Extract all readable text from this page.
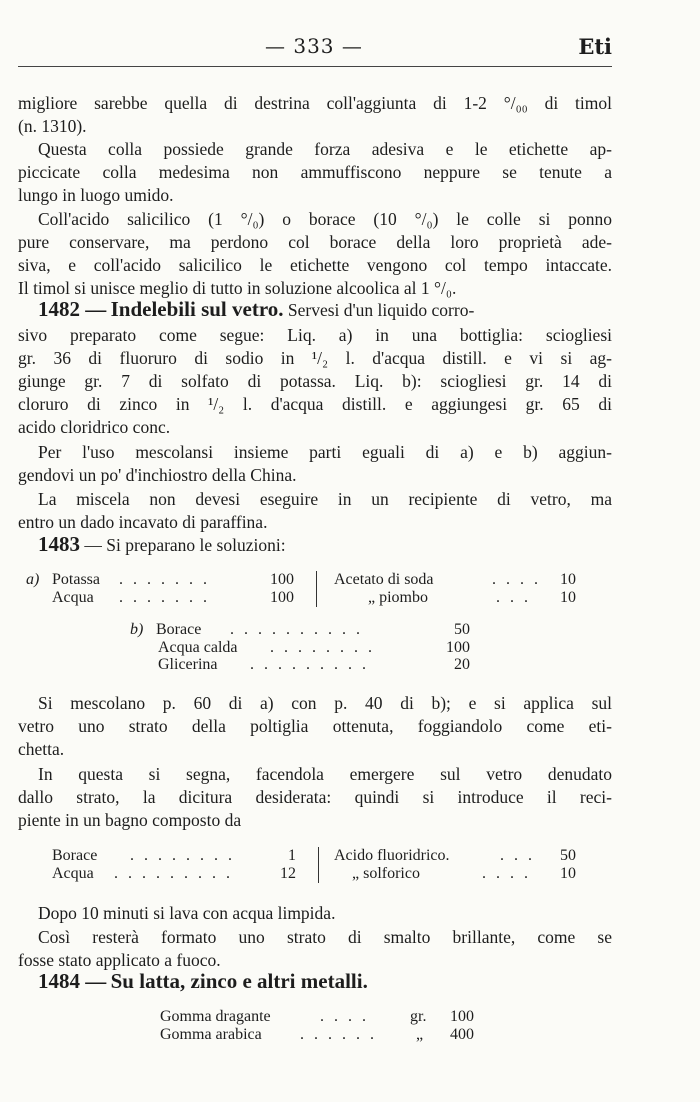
— 333 —	Eti
migliore sarebbe quella di destrina coll'aggiunta di 1-2 °/₀₀ di timol
(n. 1310).
Questa colla possiede grande forza adesiva e le etichette ap-
piccicate colla medesima non ammuffiscono neppure se tenute a
lungo in luogo umido.
Coll'acido salicilico (1 °/₀) o borace (10 °/₀) le colle si ponno
pure conservare, ma perdono col borace della loro proprietà ade-
siva, e coll'acido salicilico le etichette vengono col tempo intaccate.
Il timol si unisce meglio di tutto in soluzione alcoolica al 1 °/₀.
1482 — Indelebili sul vetro. Servesi d'un liquido corro-
sivo preparato come segue: Liq. a) in una bottiglia: sciogliesi
gr. 36 di fluoruro di sodio in ¹/₂ l. d'acqua distill. e vi si ag-
giunge gr. 7 di solfato di potassa. Liq. b): sciogliesi gr. 14 di
cloruro di zinco in ¹/₂ l. d'acqua distill. e aggiungesi gr. 65 di
acido cloridrico conc.
Per l'uso mescolansi insieme parti eguali di a) e b) aggiun-
gendovi un po' d'inchiostro della China.
La miscela non devesi eseguire in un recipiente di vetro, ma
entro un dado incavato di paraffina.
1483 — Si preparano le soluzioni:
a) Potassa . . . . . . .	100	Acetato di soda	. . . . 10
Acqua . . . . . . .	100	„ piombo	. . . 10
b) Borace . . . . . . . . . .	50
Acqua calda . . . . . . . .	100
Glicerina . . . . . . . . .	20
Si mescolano p. 60 di a) con p. 40 di b); e si applica sul
vetro uno strato della poltiglia ottenuta, foggiandolo come eti-
chetta.
In questa si segna, facendola emergere sul vetro denudato
dallo strato, la dicitura desiderata: quindi si introduce il reci-
piente in un bagno composto da
Borace . . . . . . . .	1 Acido fluoridrico.	. . . 50
Acqua . . . . . . . . .	12	„ solforico	. . . . 10
Dopo 10 minuti si lava con acqua limpida.
Così resterà formato uno strato di smalto brillante, come se
fosse stato applicato a fuoco.
1484 — Su latta, zinco e altri metalli.
Gomma dragante	. . . .	gr. 100
Gomma arabica . . . . . . „ 400
